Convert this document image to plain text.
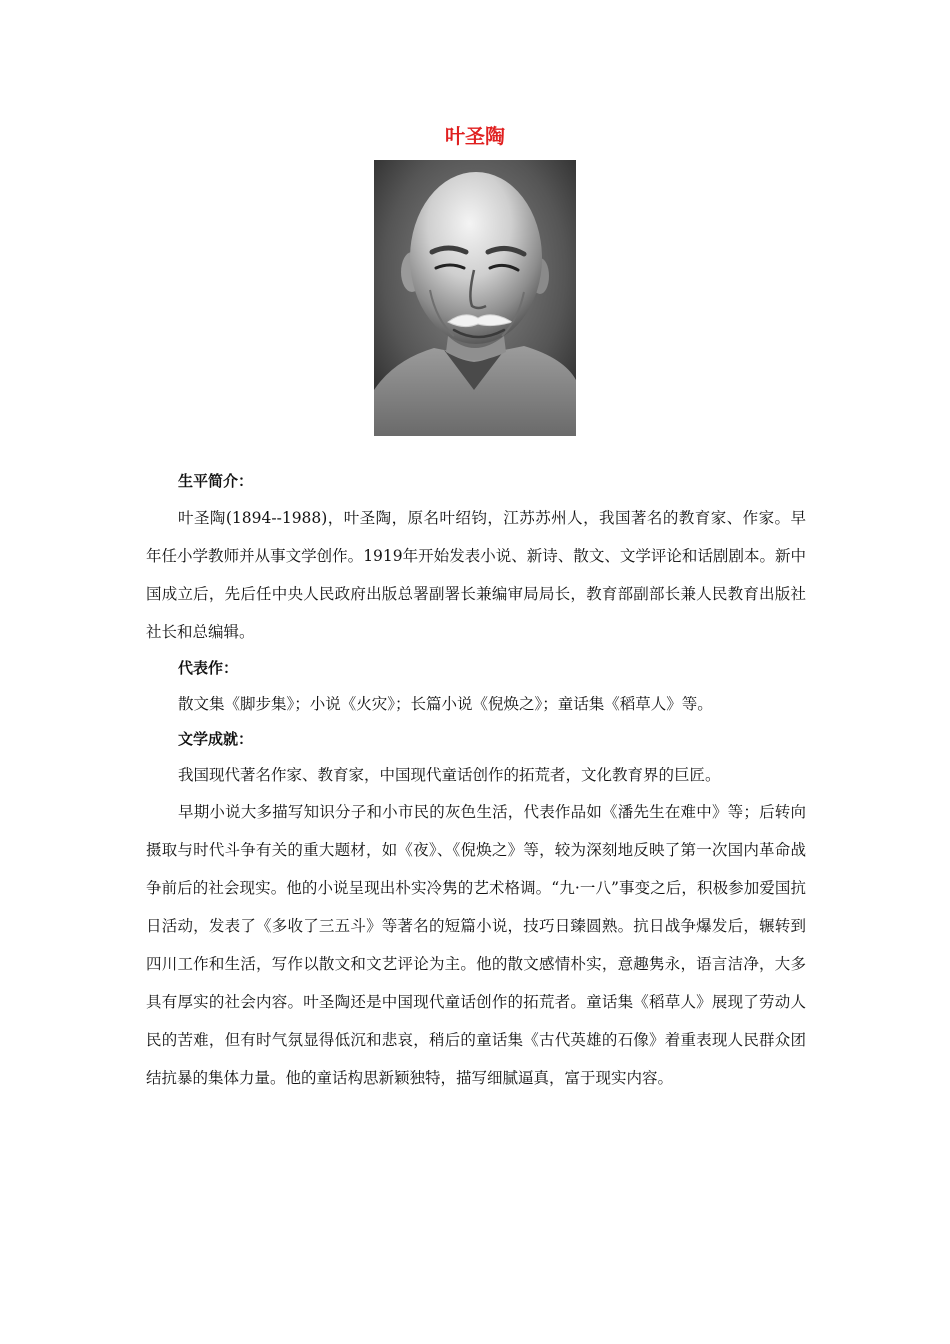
叶圣陶
生平简介：

叶圣陶(1894--1988)，叶圣陶，原名叶绍钧，江苏苏州人，我国著名的教育家、作家。早年任小学教师并从事文学创作。1919年开始发表小说、新诗、散文、文学评论和话剧剧本。新中国成立后，先后任中央人民政府出版总署副署长兼编审局局长，教育部副部长兼人民教育出版社社长和总编辑。

代表作：

散文集《脚步集》；小说《火灾》；长篇小说《倪焕之》；童话集《稻草人》等。

文学成就：

我国现代著名作家、教育家，中国现代童话创作的拓荒者，文化教育界的巨匠。

早期小说大多描写知识分子和小市民的灰色生活，代表作品如《潘先生在难中》等；后转向摄取与时代斗争有关的重大题材，如《夜》、《倪焕之》等，较为深刻地反映了第一次国内革命战争前后的社会现实。他的小说呈现出朴实冷隽的艺术格调。“九·一八”事变之后，积极参加爱国抗日活动，发表了《多收了三五斗》等著名的短篇小说，技巧日臻圆熟。抗日战争爆发后，辗转到四川工作和生活，写作以散文和文艺评论为主。他的散文感情朴实，意趣隽永，语言洁净，大多具有厚实的社会内容。叶圣陶还是中国现代童话创作的拓荒者。童话集《稻草人》展现了劳动人民的苦难，但有时气氛显得低沉和悲哀，稍后的童话集《古代英雄的石像》着重表现人民群众团结抗暴的集体力量。他的童话构思新颖独特，描写细腻逼真，富于现实内容。
